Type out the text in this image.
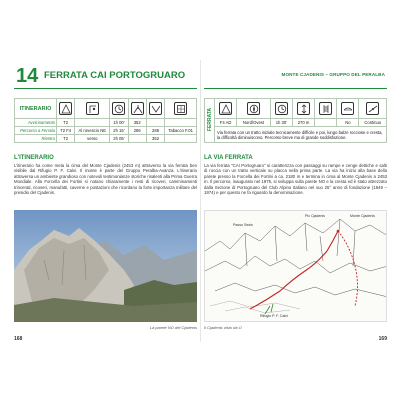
14 FERRATA CAI PORTOGRUARO
ITINERARIO	

Avvicinamento	T2		1h 00'	352		
Percorso a Ferrata	T2 F4	Al rovescio NE	2h 15'	286	286	Tabacco F.01
Rientro	T2	verso	2h 05'		352	
L'ITINERARIO
L'itinerario ha come meta la cima del Monte Cjadenis (2453 m) attraverso la via ferrata ben visibile dal Rifugio P. F. Calvi. Il monte è parte del Gruppo Peralba-Avanza. L'itinerario attraversa un ambiente grandioso con notevoli testimonianze storiche risalenti alla Prima Guerra Mondiale. Alla Forcella dei Fortini si notano chiaramente i resti di ricoveri, camminamenti trincerati, ricoveri, manufatti, caverne e postazioni che ricordano la forte importanza militare del presidio del Cjadenis.
La parete NO del Cjadenis
168
MONTE CJADENIS – GRUPPO DEL PERALBA
FERRATA	

	F4 AD	Nord/Ovest	1h 30'	270 m		No	Continuo
	Via ferrata con un tratto iniziale tecnicamente difficile e poi, lungo balze rocciose e cresta, la difficoltà diminuiscono. Percorso breve ma di grande soddisfazione.						
LA VIA FERRATA
La via ferrata "CAI Portogruaro" si caratterizza con passaggi su rampe e cenge dettiche e salti di roccia con un tratto verticale su placca nella prima parte. La via ha inizio alla base della parete presso la Forcella dei Fortini a ca. 2180 m e termina in cima al Monte Cjadenis a 2453 m. Il percorso, inaugurato nel 1975, si sviluppa sulla parete NO e la cresta ed è stato attrezzato dalla Sezione di Portogruaro del Club Alpino Italiano nel suo 25° anno di fondazione (1949 – 1974) e per questo ne fa riguardo la denominazione.
Pic Cjadenis	Monte Cjadenis
Passo Sesis
Rifugio P. F. Calvi
Il Cjadenis visto da O
169
